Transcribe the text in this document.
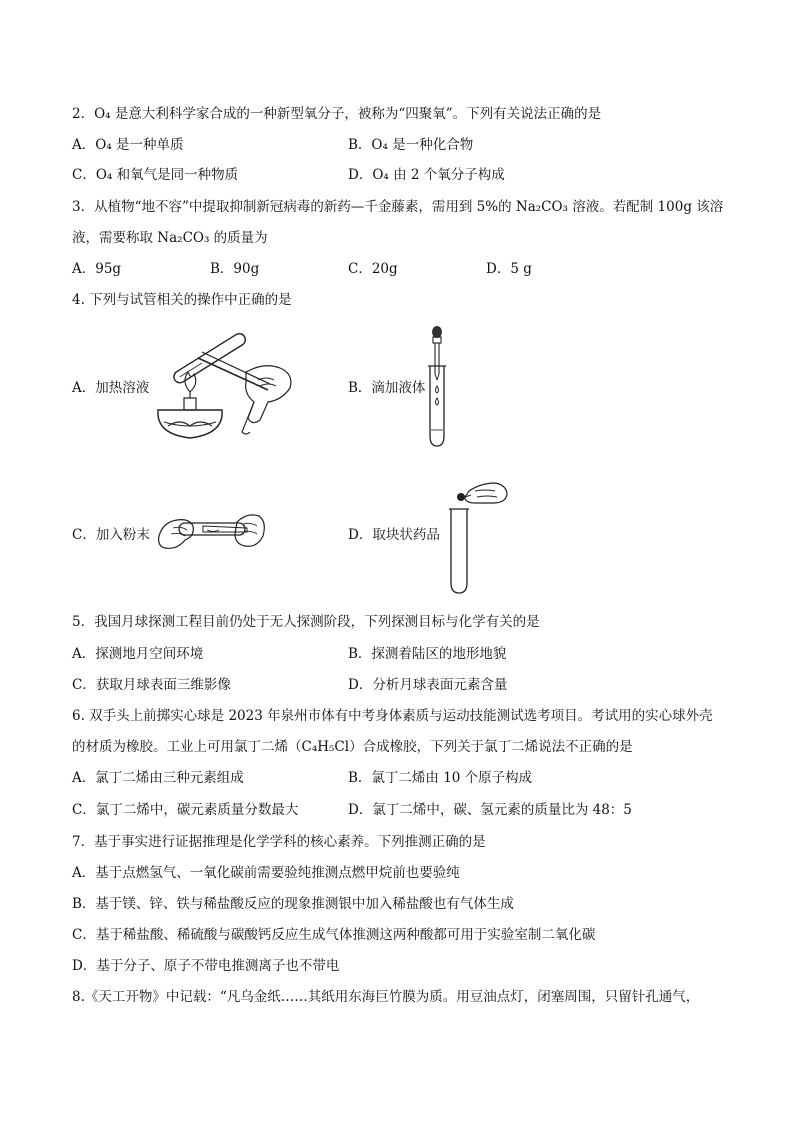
2．O₄ 是意大利科学家合成的一种新型氧分子，被称为“四聚氧”。下列有关说法正确的是
A．O₄ 是一种单质	B．O₄ 是一种化合物
C．O₄ 和氧气是同一种物质	D．O₄ 由 2 个氧分子构成
3．从植物“地不容”中提取抑制新冠病毒的新药—千金藤素，需用到 5%的 Na₂CO₃ 溶液。若配制 100g 该溶
液，需要称取 Na₂CO₃ 的质量为
A．95g	B．90g	C．20g	D．5 g
4. 下列与试管相关的操作中正确的是
A．加热溶液	B．滴加液体
C．加入粉末	D．取块状药品
5．我国月球探测工程目前仍处于无人探测阶段，下列探测目标与化学有关的是
A．探测地月空间环境	B．探测着陆区的地形地貌
C．获取月球表面三维影像	D．分析月球表面元素含量
6. 双手头上前掷实心球是 2023 年泉州市体有中考身体素质与运动技能测试选考项目。考试用的实心球外壳
的材质为橡胶。工业上可用氯丁二烯（C₄H₅Cl）合成橡胶，下列关于氯丁二烯说法不正确的是
A．氯丁二烯由三种元素组成	B．氯丁二烯由 10 个原子构成
C．氯丁二烯中，碳元素质量分数最大	D．氯丁二烯中，碳、氢元素的质量比为 48：5
7．基于事实进行证据推理是化学学科的核心素养。下列推测正确的是
A．基于点燃氢气、一氧化碳前需要验纯推测点燃甲烷前也要验纯
B．基于镁、锌、铁与稀盐酸反应的现象推测银中加入稀盐酸也有气体生成
C．基于稀盐酸、稀硫酸与碳酸钙反应生成气体推测这两种酸都可用于实验室制二氧化碳
D．基于分子、原子不带电推测离子也不带电
8.《天工开物》中记载：“凡乌金纸……其纸用东海巨竹膜为质。用豆油点灯，闭塞周围，只留针孔通气，
